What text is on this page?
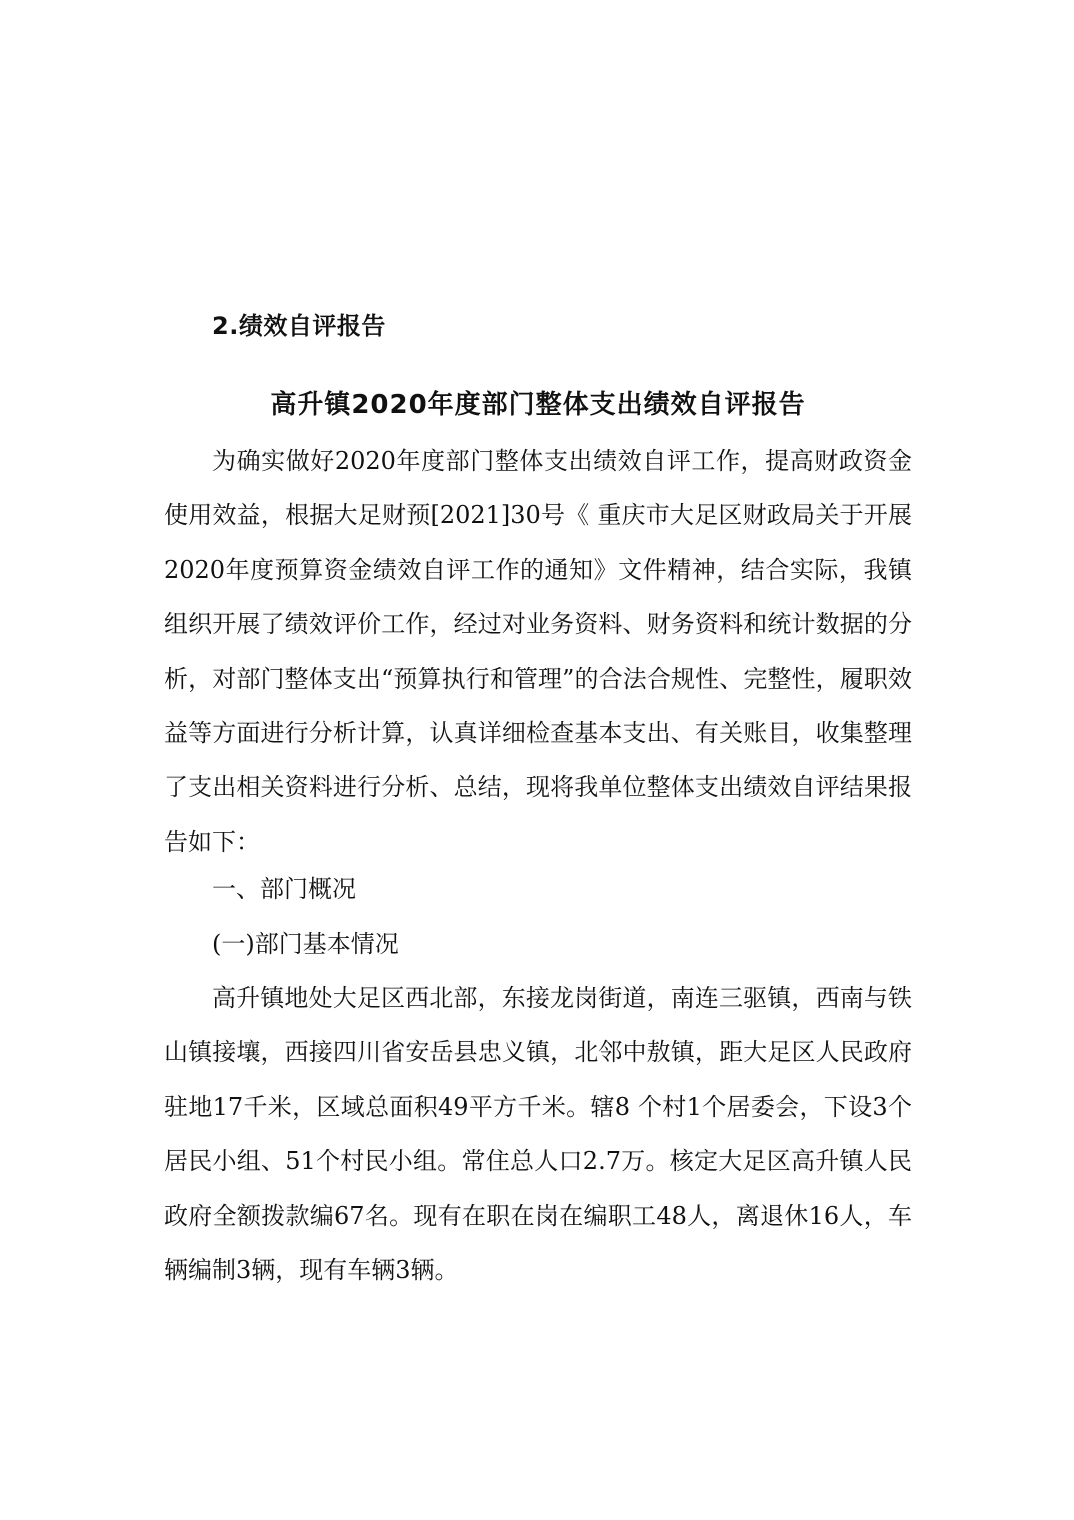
2.绩效自评报告

高升镇2020年度部门整体支出绩效自评报告

为确实做好2020年度部门整体支出绩效自评工作，提高财政资金使用效益，根据大足财预[2021]30号《 重庆市大足区财政局关于开展2020年度预算资金绩效自评工作的通知》文件精神，结合实际，我镇组织开展了绩效评价工作，经过对业务资料、财务资料和统计数据的分析，对部门整体支出“预算执行和管理”的合法合规性、完整性，履职效益等方面进行分析计算，认真详细检查基本支出、有关账目，收集整理了支出相关资料进行分析、总结，现将我单位整体支出绩效自评结果报告如下：

一、部门概况

(一)部门基本情况

高升镇地处大足区西北部，东接龙岗街道，南连三驱镇，西南与铁山镇接壤，西接四川省安岳县忠义镇，北邻中敖镇，距大足区人民政府驻地17千米，区域总面积49平方千米。辖8 个村1个居委会，下设3个居民小组、51个村民小组。常住总人口2.7万。核定大足区高升镇人民政府全额拨款编67名。现有在职在岗在编职工48人，离退休16人，车辆编制3辆，现有车辆3辆。
